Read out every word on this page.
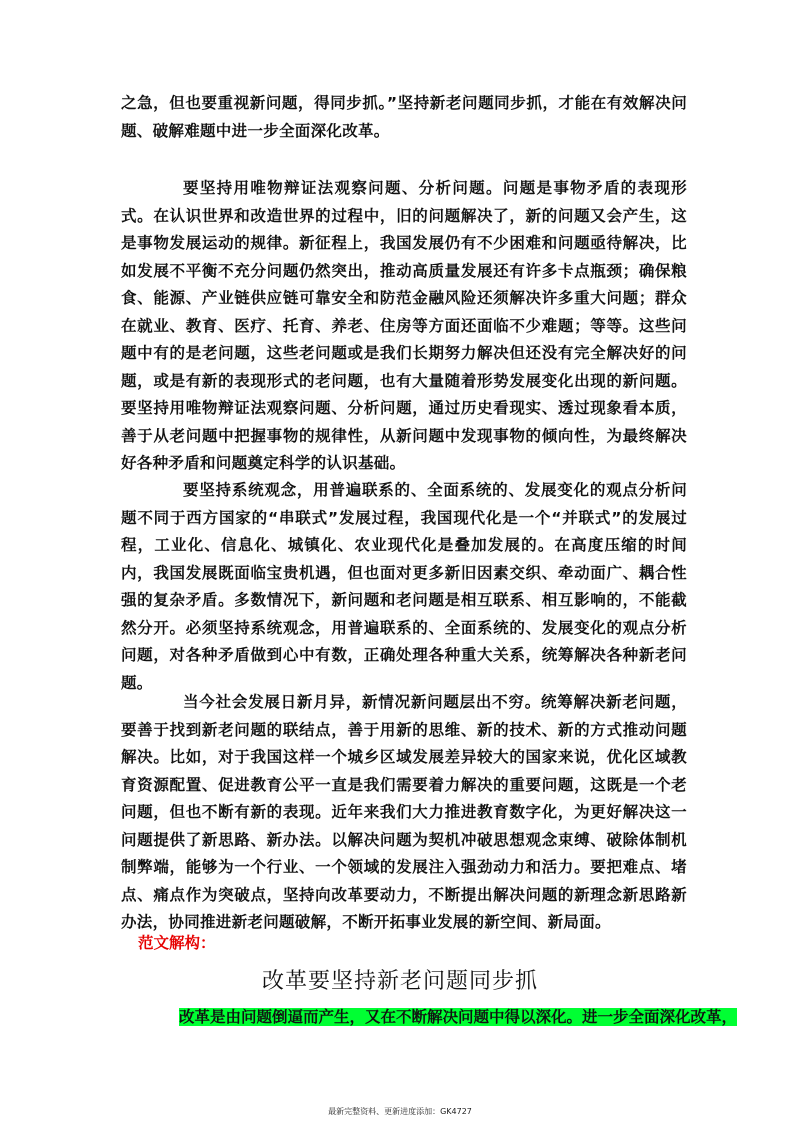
之急，但也要重视新问题，得同步抓。”坚持新老问题同步抓，才能在有效解决问题、破解难题中进一步全面深化改革。

要坚持用唯物辩证法观察问题、分析问题。问题是事物矛盾的表现形式。在认识世界和改造世界的过程中，旧的问题解决了，新的问题又会产生，这是事物发展运动的规律。新征程上，我国发展仍有不少困难和问题亟待解决，比如发展不平衡不充分问题仍然突出，推动高质量发展还有许多卡点瓶颈；确保粮食、能源、产业链供应链可靠安全和防范金融风险还须解决许多重大问题；群众在就业、教育、医疗、托育、养老、住房等方面还面临不少难题；等等。这些问题中有的是老问题，这些老问题或是我们长期努力解决但还没有完全解决好的问题，或是有新的表现形式的老问题，也有大量随着形势发展变化出现的新问题。要坚持用唯物辩证法观察问题、分析问题，通过历史看现实、透过现象看本质，善于从老问题中把握事物的规律性，从新问题中发现事物的倾向性，为最终解决好各种矛盾和问题奠定科学的认识基础。

要坚持系统观念，用普遍联系的、全面系统的、发展变化的观点分析问题不同于西方国家的“串联式”发展过程，我国现代化是一个“并联式”的发展过程，工业化、信息化、城镇化、农业现代化是叠加发展的。在高度压缩的时间内，我国发展既面临宝贵机遇，但也面对更多新旧因素交织、牵动面广、耦合性强的复杂矛盾。多数情况下，新问题和老问题是相互联系、相互影响的，不能截然分开。必须坚持系统观念，用普遍联系的、全面系统的、发展变化的观点分析问题，对各种矛盾做到心中有数，正确处理各种重大关系，统筹解决各种新老问题。

当今社会发展日新月异，新情况新问题层出不穷。统筹解决新老问题，要善于找到新老问题的联结点，善于用新的思维、新的技术、新的方式推动问题解决。比如，对于我国这样一个城乡区域发展差异较大的国家来说，优化区域教育资源配置、促进教育公平一直是我们需要着力解决的重要问题，这既是一个老问题，但也不断有新的表现。近年来我们大力推进教育数字化，为更好解决这一问题提供了新思路、新办法。以解决问题为契机冲破思想观念束缚、破除体制机制弊端，能够为一个行业、一个领域的发展注入强劲动力和活力。要把难点、堵点、痛点作为突破点，坚持向改革要动力，不断提出解决问题的新理念新思路新办法，协同推进新老问题破解，不断开拓事业发展的新空间、新局面。

范文解构：

改革要坚持新老问题同步抓

改革是由问题倒逼而产生，又在不断解决问题中得以深化。进一步全面深化改革，

最新完整资料、更新进度添加：GK4727
